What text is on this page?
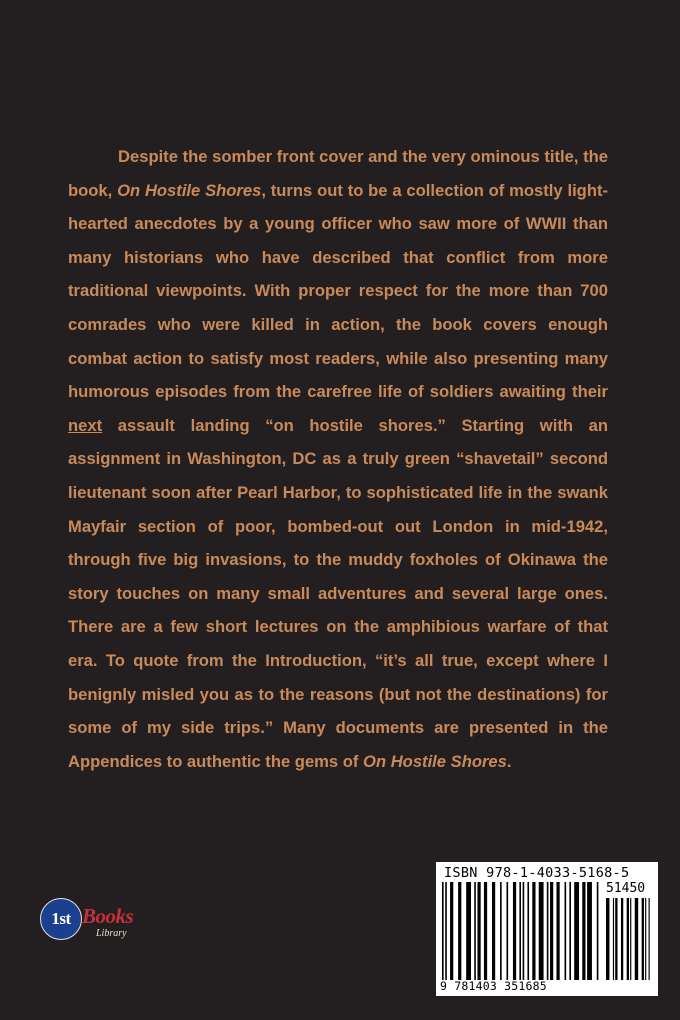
Despite the somber front cover and the very ominous title, the book, On Hostile Shores, turns out to be a collection of mostly light-hearted anecdotes by a young officer who saw more of WWII than many historians who have described that conflict from more traditional viewpoints. With proper respect for the more than 700 comrades who were killed in action, the book covers enough combat action to satisfy most readers, while also presenting many humorous episodes from the carefree life of soldiers awaiting their next assault landing “on hostile shores.” Starting with an assignment in Washington, DC as a truly green “shavetail” second lieutenant soon after Pearl Harbor, to sophisticated life in the swank Mayfair section of poor, bombed-out out London in mid-1942, through five big invasions, to the muddy foxholes of Okinawa the story touches on many small adventures and several large ones. There are a few short lectures on the amphibious warfare of that era. To quote from the Introduction, “it’s all true, except where I benignly misled you as to the reasons (but not the destinations) for some of my side trips.” Many documents are presented in the Appendices to authentic the gems of On Hostile Shores.

1st Books
Library
ISBN 978-1-4033-5168-5
51450
9 781403 351685
